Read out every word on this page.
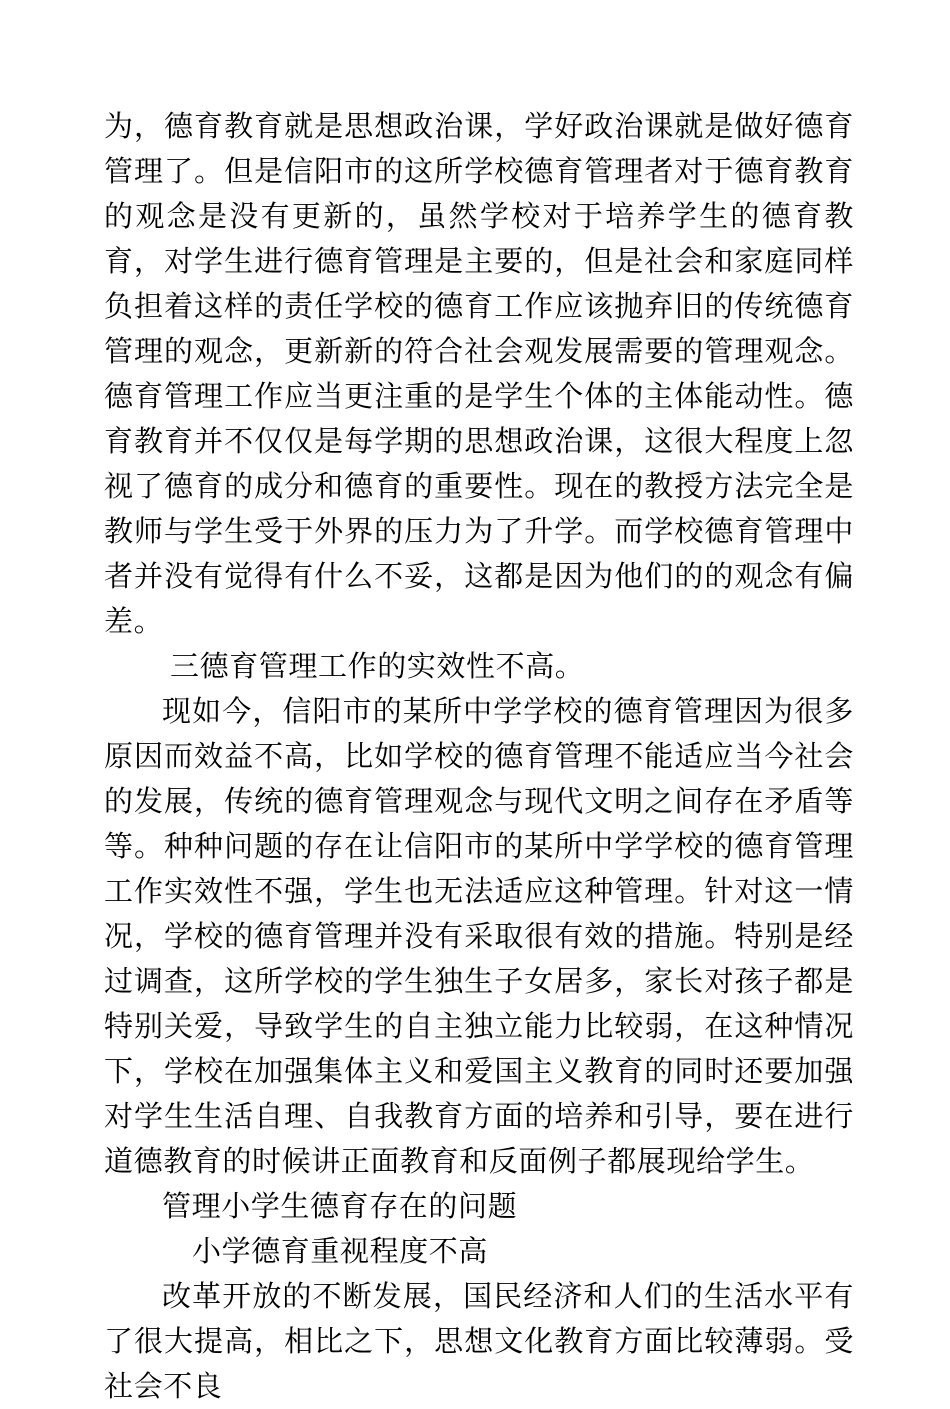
为，德育教育就是思想政治课，学好政治课就是做好德育管理了。但是信阳市的这所学校德育管理者对于德育教育的观念是没有更新的，虽然学校对于培养学生的德育教育，对学生进行德育管理是主要的，但是社会和家庭同样负担着这样的责任学校的德育工作应该抛弃旧的传统德育管理的观念，更新新的符合社会观发展需要的管理观念。德育管理工作应当更注重的是学生个体的主体能动性。德育教育并不仅仅是每学期的思想政治课，这很大程度上忽视了德育的成分和德育的重要性。现在的教授方法完全是教师与学生受于外界的压力为了升学。而学校德育管理中者并没有觉得有什么不妥，这都是因为他们的的观念有偏差。

三德育管理工作的实效性不高。

现如今，信阳市的某所中学学校的德育管理因为很多原因而效益不高，比如学校的德育管理不能适应当今社会的发展，传统的德育管理观念与现代文明之间存在矛盾等等。种种问题的存在让信阳市的某所中学学校的德育管理工作实效性不强，学生也无法适应这种管理。针对这一情况，学校的德育管理并没有采取很有效的措施。特别是经过调查，这所学校的学生独生子女居多，家长对孩子都是特别关爱，导致学生的自主独立能力比较弱，在这种情况下，学校在加强集体主义和爱国主义教育的同时还要加强对学生生活自理、自我教育方面的培养和引导，要在进行道德教育的时候讲正面教育和反面例子都展现给学生。

管理小学生德育存在的问题

小学德育重视程度不高

改革开放的不断发展，国民经济和人们的生活水平有了很大提高，相比之下，思想文化教育方面比较薄弱。受社会不良
